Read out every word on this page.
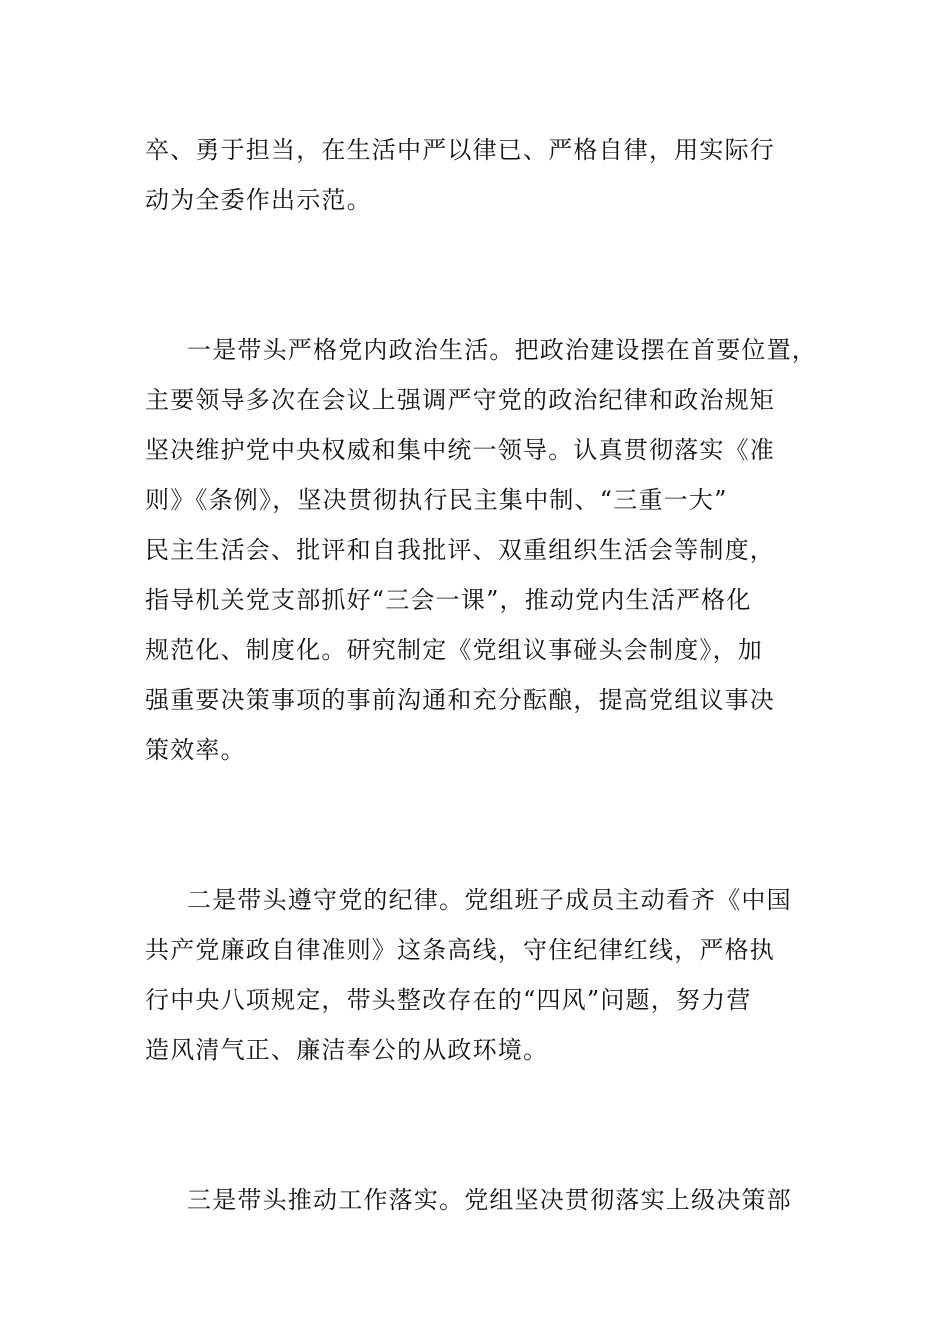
卒、勇于担当，在生活中严以律已、严格自律，用实际行

动为全委作出示范。

一是带头严格党内政治生活。把政治建设摆在首要位置，

主要领导多次在会议上强调严守党的政治纪律和政治规矩

坚决维护党中央权威和集中统一领导。认真贯彻落实《准

则》《条例》，坚决贯彻执行民主集中制、“三重一大”

民主生活会、批评和自我批评、双重组织生活会等制度，

指导机关党支部抓好“三会一课”，推动党内生活严格化

规范化、制度化。研究制定《党组议事碰头会制度》，加

强重要决策事项的事前沟通和充分酝酿，提高党组议事决

策效率。

二是带头遵守党的纪律。党组班子成员主动看齐《中国

共产党廉政自律准则》这条高线，守住纪律红线，严格执

行中央八项规定，带头整改存在的“四风”问题，努力营

造风清气正、廉洁奉公的从政环境。

三是带头推动工作落实。党组坚决贯彻落实上级决策部
